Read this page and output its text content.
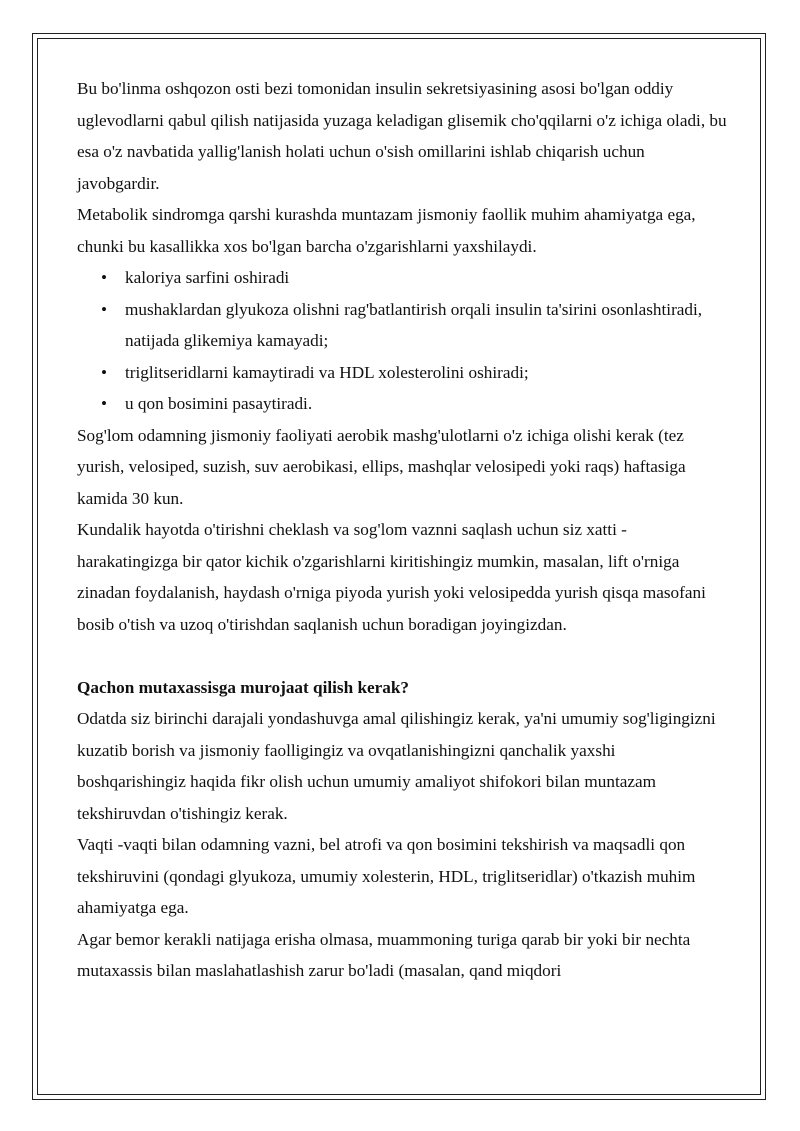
Bu bo'linma oshqozon osti bezi tomonidan insulin sekretsiyasining asosi bo'lgan oddiy uglevodlarni qabul qilish natijasida yuzaga keladigan glisemik cho'qqilarni o'z ichiga oladi, bu esa o'z navbatida yallig'lanish holati uchun o'sish omillarini ishlab chiqarish uchun javobgardir.

Metabolik sindromga qarshi kurashda muntazam jismoniy faollik muhim ahamiyatga ega, chunki bu kasallikka xos bo'lgan barcha o'zgarishlarni yaxshilaydi.

• kaloriya sarfini oshiradi
• mushaklardan glyukoza olishni rag'batlantirish orqali insulin ta'sirini osonlashtiradi, natijada glikemiya kamayadi;
• triglitseridlarni kamaytiradi va HDL xolesterolini oshiradi;
• u qon bosimini pasaytiradi.

Sog'lom odamning jismoniy faoliyati aerobik mashg'ulotlarni o'z ichiga olishi kerak (tez yurish, velosiped, suzish, suv aerobikasi, ellips, mashqlar velosipedi yoki raqs) haftasiga kamida 30 kun.

Kundalik hayotda o'tirishni cheklash va sog'lom vaznni saqlash uchun siz xatti - harakatingizga bir qator kichik o'zgarishlarni kiritishingiz mumkin, masalan, lift o'rniga zinadan foydalanish, haydash o'rniga piyoda yurish yoki velosipedda yurish qisqa masofani bosib o'tish va uzoq o'tirishdan saqlanish uchun boradigan joyingizdan.

Qachon mutaxassisga murojaat qilish kerak?

Odatda siz birinchi darajali yondashuvga amal qilishingiz kerak, ya'ni umumiy sog'ligingizni kuzatib borish va jismoniy faolligingiz va ovqatlanishingizni qanchalik yaxshi boshqarishingiz haqida fikr olish uchun umumiy amaliyot shifokori bilan muntazam tekshiruvdan o'tishingiz kerak.

Vaqti -vaqti bilan odamning vazni, bel atrofi va qon bosimini tekshirish va maqsadli qon tekshiruvini (qondagi glyukoza, umumiy xolesterin, HDL, triglitseridlar) o'tkazish muhim ahamiyatga ega.

Agar bemor kerakli natijaga erisha olmasa, muammoning turiga qarab bir yoki bir nechta mutaxassis bilan maslahatlashish zarur bo'ladi (masalan, qand miqdori
